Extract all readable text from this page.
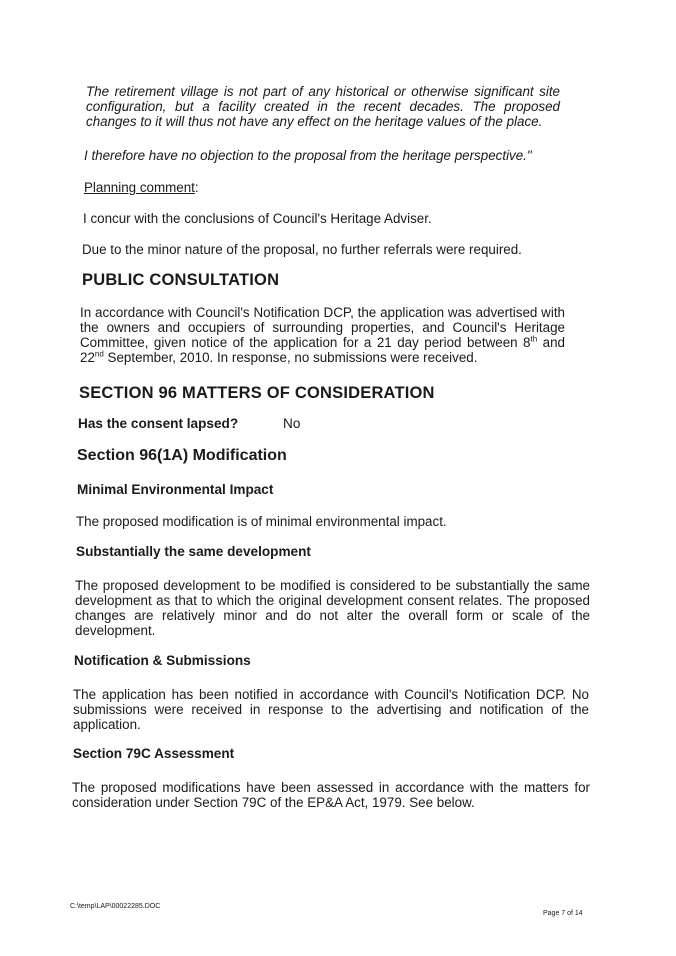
The retirement village is not part of any historical or otherwise significant site configuration, but a facility created in the recent decades. The proposed changes to it will thus not have any effect on the heritage values of the place.

I therefore have no objection to the proposal from the heritage perspective."

Planning comment:

I concur with the conclusions of Council's Heritage Adviser.

Due to the minor nature of the proposal, no further referrals were required.

PUBLIC CONSULTATION

In accordance with Council's Notification DCP, the application was advertised with the owners and occupiers of surrounding properties, and Council's Heritage Committee, given notice of the application for a 21 day period between 8th and 22nd September, 2010. In response, no submissions were received.

SECTION 96 MATTERS OF CONSIDERATION
Has the consent lapsed?	No
Section 96(1A) Modification
Minimal Environmental Impact

The proposed modification is of minimal environmental impact.

Substantially the same development

The proposed development to be modified is considered to be substantially the same development as that to which the original development consent relates. The proposed changes are relatively minor and do not alter the overall form or scale of the development.

Notification & Submissions

The application has been notified in accordance with Council's Notification DCP. No submissions were received in response to the advertising and notification of the application.

Section 79C Assessment

The proposed modifications have been assessed in accordance with the matters for consideration under Section 79C of the EP&A Act, 1979. See below.

C:\temp\LAP\00022285.DOC
Page 7 of 14
